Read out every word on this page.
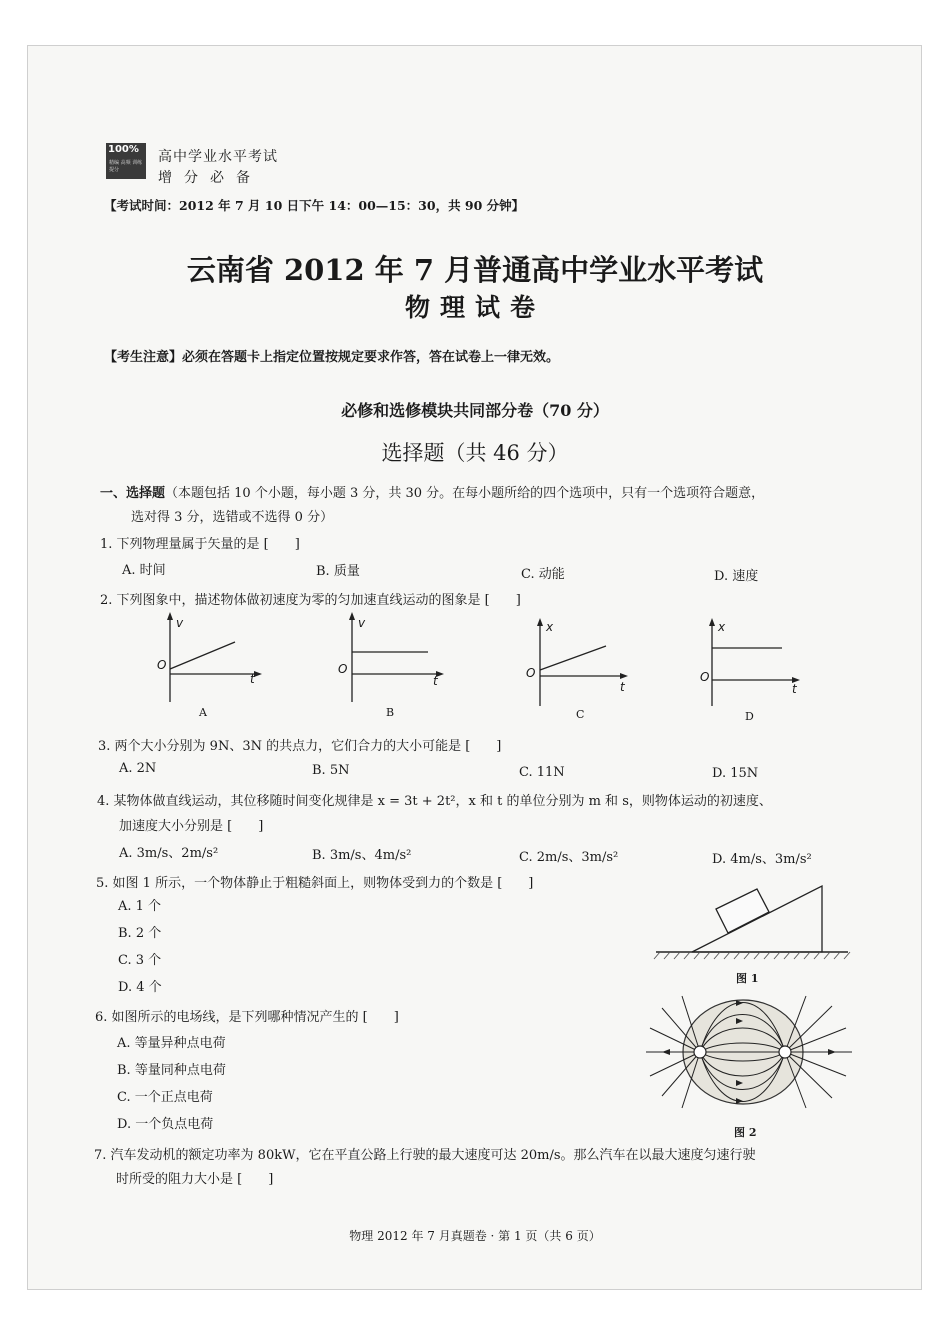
100%
精编 高频 训练 提分
高中学业水平考试
增分必备
【考试时间：2012 年 7 月 10 日下午 14：00—15：30，共 90 分钟】
云南省 2012 年 7 月普通高中学业水平考试
物理试卷
【考生注意】必须在答题卡上指定位置按规定要求作答，答在试卷上一律无效。
必修和选修模块共同部分卷（70 分）
选择题（共 46 分）
一、选择题（本题包括 10 个小题，每小题 3 分，共 30 分。在每小题所给的四个选项中，只有一个选项符合题意，
选对得 3 分，选错或不选得 0 分）
1. 下列物理量属于矢量的是 [　　]
A. 时间	B. 质量	C. 动能	D. 速度
2. 下列图象中，描述物体做初速度为零的匀加速直线运动的图象是 [　　]
v
O
t
A
v
O
t
B
x
O
t
C
x
O
t
D
3. 两个大小分别为 9N、3N 的共点力，它们合力的大小可能是 [　　]
A. 2N	B. 5N	C. 11N	D. 15N
4. 某物体做直线运动，其位移随时间变化规律是 x = 3t + 2t²，x 和 t 的单位分别为 m 和 s，则物体运动的初速度、
加速度大小分别是 [　　]
A. 3m/s、2m/s²	B. 3m/s、4m/s²	C. 2m/s、3m/s²	D. 4m/s、3m/s²
5. 如图 1 所示，一个物体静止于粗糙斜面上，则物体受到力的个数是 [　　]
A. 1 个
B. 2 个
C. 3 个
D. 4 个
图 1
6. 如图所示的电场线，是下列哪种情况产生的 [　　]
A. 等量异种点电荷
B. 等量同种点电荷
C. 一个正点电荷
D. 一个负点电荷
图 2
7. 汽车发动机的额定功率为 80kW，它在平直公路上行驶的最大速度可达 20m/s。那么汽车在以最大速度匀速行驶
时所受的阻力大小是 [　　]
物理 2012 年 7 月真题卷 · 第 1 页（共 6 页）
